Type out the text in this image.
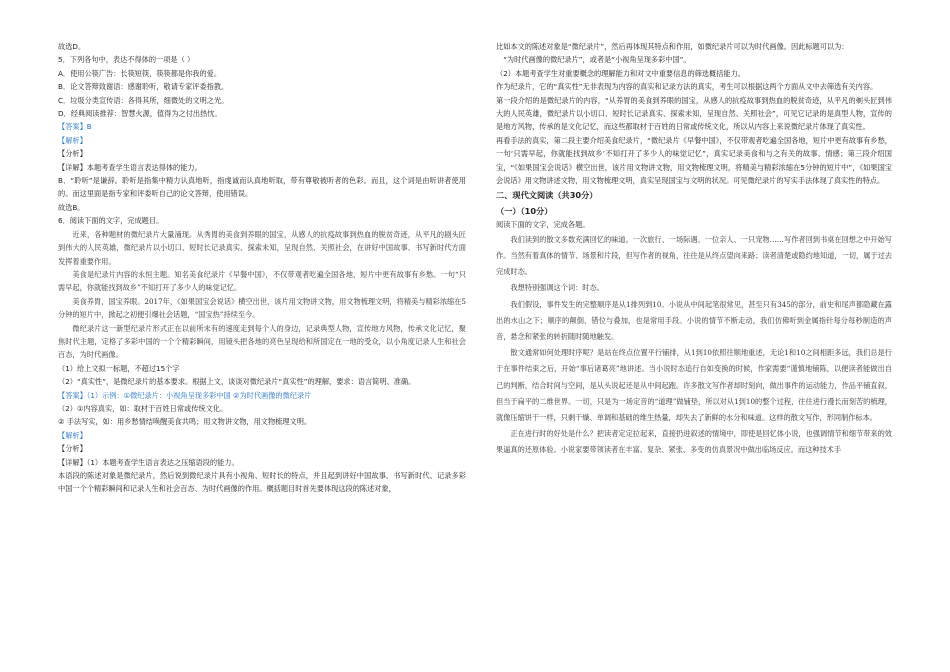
故选D。

5．下列各句中，表达不得体的一项是（ ）

A．使用公筷广告：长筷短筷，筷筷都是你我的爱。

B．论文答辩致谢语：感谢聆听，敬请专家评委指教。

C．垃圾分类宣传语：各得其所，细微处的文明之光。

D．经典阅读推荐：智慧火源，值得为之付出热忱。

【答案】B

【解析】

【分析】

【详解】本题考查学生语言表达得体的能力。

B．“聆听”是谦辞。聆听是指集中精力认真地听，指虔诚而认真地听取，带有尊敬被听者的色彩。而且，这个词是由听讲者使用的。而这里面是指专家和评委听自己的论文答辩，使用错误。

故选B。

6．阅读下面的文字，完成题目。

近来，各种题材的微纪录片大量涌现。从秀胃的美食到养眼的国宝，从感人的抗疫故事到热血的脱贫奇迹，从平凡的剧头匠到伟大的人民英雄，微纪录片以小切口、短时长记录真实、探索未知，呈现自然、关照社会，在讲好中国故事、书写新时代方面发挥着重要作用。

美食是纪录片内容的永恒主题。知名美食纪录片《早餐中国》，不仅带观者吃遍全国各地，短片中更有故事有乡愁。一句“只需早起，你就能找到故乡”不知打开了多少人的味觉记忆。

美食养胃，国宝养眼。2017年，《如果国宝会说话》横空出世，该片用文物讲文物，用文物梳理文明，将精美与精彩浓缩在5分钟的短片中，掀起之初便引爆社会话题，“国宝热”持续至今。

微纪录片这一新型纪录片形式正在以前所未有的速度走到每个人的身边，记录典型人物，宣传地方风物，传承文化记忆，聚焦时代主题，定格了多彩中国的一个个精彩瞬间，用镜头把各地的亮色呈现给和所国定在一地的受众，以小角度记录人生和社会百态，为时代画像。

（1）给上文拟一标题，不超过15个字

（2）“真实性”，是微纪录片的基本要求。根据上文，谈谈对微纪录片“真实性”的理解，要求：语言简明、准确。

【答案】（1）示例：①微纪录片：小视角呈现多彩中国 ②为时代画像的微纪录片

（2）①内容真实，如：取材于百姓日常或传统文化。

② 手法写实，如：用乡愁情结唤醒美食共鸣；用文物讲文物，用文物梳理文明。

【解析】

【分析】

【详解】（1）本题考查学生语言表达之压缩语段的能力。

本语段的陈述对象是微纪录片，然后说到微纪录片具有小视角、短时长的特点，并且起到讲好中国故事、书写新时代、记录多彩中国一个个精彩瞬间和记录人生和社会百态、为时代画像的作用。概括题目时首先要体现这段的陈述对象，

比如本文的陈述对象是“微纪录片”，然后再体现其特点和作用，如微纪录片可以为时代画像。因此标题可以为：

“为时代画像的微纪录片”，或者是“小视角呈现多彩中国”。

（2）本题考查学生对重要概念的理解能力和对文中重要信息的筛选概括能力。

作为纪录片，它的“真实性”无非表现为内容的真实和记录方法的真实，考生可以根据这两个方面从文中去筛选有关内容。

第一段介绍的是微纪录片的内容，“从养胃的美食到养眼的国宝，从感人的抗疫故事到热血的脱贫奇迹，从平凡的剃头匠到伟大的人民英雄，微纪录片以小切口、短时长记录真实、探索未知，呈现自然、关照社会”，可见它记录的是真型人物，宣传的是地方风物，传承的是文化记忆，而这些都取材于百姓的日常或传统文化，所以从内容上来说微纪录片体现了真实性。

再看手法的真实，第二段主要介绍美食纪录片，“微纪录片《早餐中国》，不仅带观者吃遍全国各地，短片中更有故事有乡愁，一句‘只需早起，你就能找到故乡’不知打开了多少人的味觉记忆”，真实记录美食和与之有关的故事、情感；第三段介绍国宝，“《如果国宝会说话》横空出世，该片用文物讲文物，用文物梳理文明，将精美与精彩浓缩在5分钟的短片中”，《如果国宝会说话》用文物讲述文物，用文物梳理文明，真实呈现国宝与文明的状况。可见微纪录片的写实手法体现了真实性的特点。

二、现代文阅读（共30分）

（一）（10分）

阅读下面的文字，完成各题。

我们读到的散文多数充满回忆的味道。一次旅行、一场际遇、一位亲人、一只宠物……写作者回到书桌在回想之中开始写作。当然有着真体的情节、场景和片段，但写作者的视角，往往是从终点望向来路；读者清楚或隐约地知道，一切，属于过去完成时态。

我想特别强调这个词：时态。

我们假设，事件发生的完整顺序是从1排列到10。小说从中间起笔很常见，甚至只有345的部分，前史和尾声都隐藏在露出的水山之下；顺序的颠倒、错位与叠加，也是常用手段。小说的情节不断走动，我们仿佛听到金属指针每分每秒制造的声音，悬念和紧张的转折随时随地触发。

散文通常如何处理时序呢？是站在终点位置平行铺排，从1到10依照往顺地重述，无论1和10之间相距多远，我们总是行于在事件结束之后，开始“事后诸葛亮”地讲述。当小说时态追行自如变换的时候，作家需要“谨慎地铺陈，以便读者能做出自己的判断，结合时间与空间，是从头说起还是从中间起跑。许多散文写作者却时刻向，做出事件的运动能力，作品平铺直叙，但当于扁平的二维世界。一切，只是为一场定音的“道理”做铺垫，所以对从1到10的整个过程，往往进行漫长而刻苦的梳理，就像压缩饼干一样，只剩干燥、单调和基础的维生热量，却失去了新鲜的水分和味道。这样的散文写作，形同制作标本。

正在进行时的好处是什么？把读者定定拉起来，直接扔进叙述的情境中，即使是回忆体小说，也强调情节和细节带来的效果逼真的还原体验。小说家要带领读者在丰富、复杂、紧张、多变的仿真景况中做出临场反应。而这种技术手
